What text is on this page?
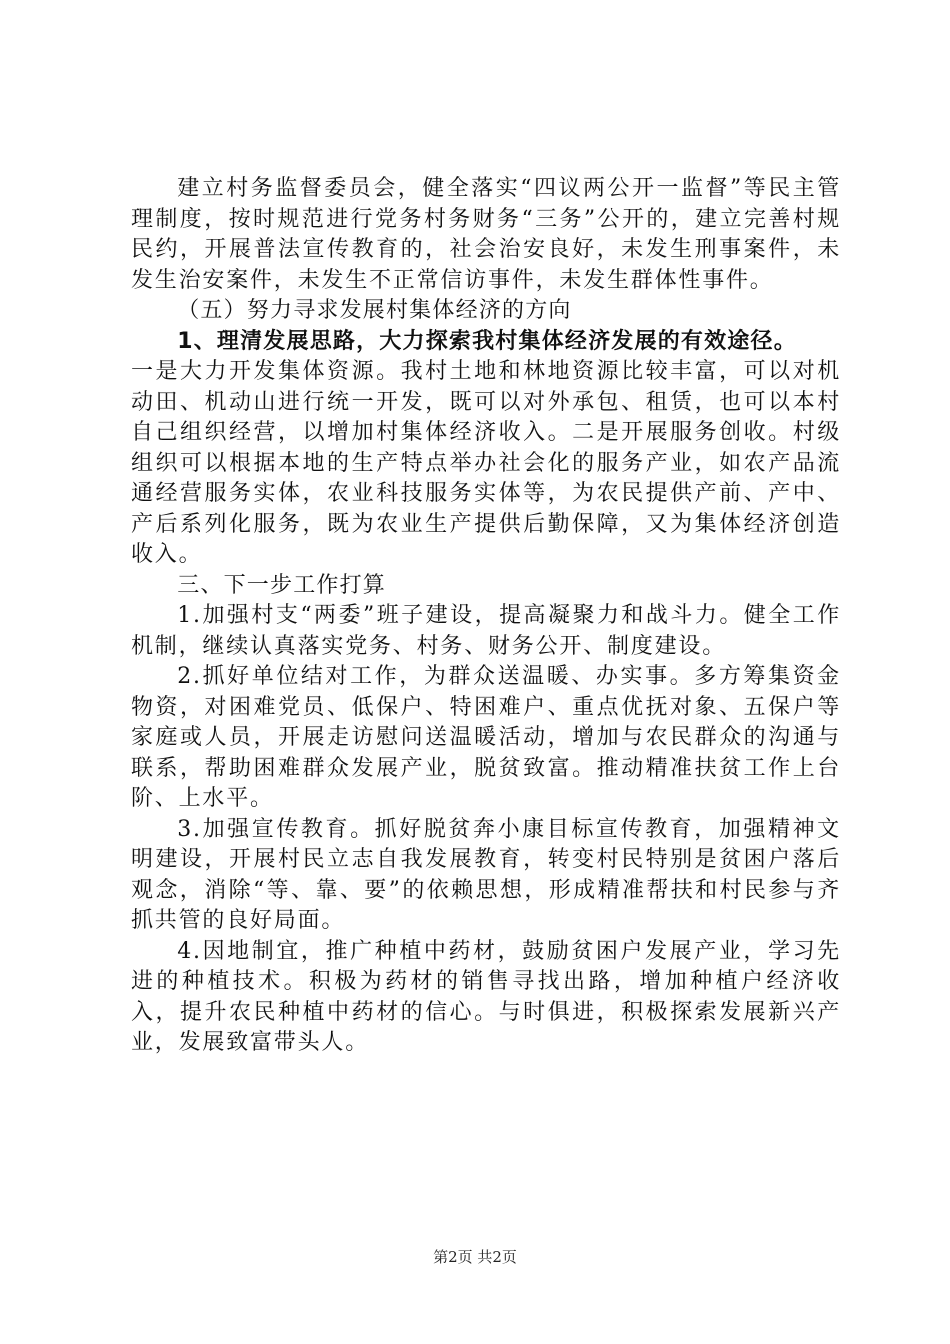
建立村务监督委员会，健全落实“四议两公开一监督”等民主管理制度，按时规范进行党务村务财务“三务”公开的，建立完善村规民约，开展普法宣传教育的，社会治安良好，未发生刑事案件，未发生治安案件，未发生不正常信访事件，未发生群体性事件。

（五）努力寻求发展村集体经济的方向

1、理清发展思路，大力探索我村集体经济发展的有效途径。

一是大力开发集体资源。我村土地和林地资源比较丰富，可以对机动田、机动山进行统一开发，既可以对外承包、租赁，也可以本村自己组织经营，以增加村集体经济收入。二是开展服务创收。村级组织可以根据本地的生产特点举办社会化的服务产业，如农产品流通经营服务实体，农业科技服务实体等，为农民提供产前、产中、产后系列化服务，既为农业生产提供后勤保障，又为集体经济创造收入。

三、下一步工作打算

1.加强村支“两委”班子建设，提高凝聚力和战斗力。健全工作机制，继续认真落实党务、村务、财务公开、制度建设。

2.抓好单位结对工作，为群众送温暖、办实事。多方筹集资金物资，对困难党员、低保户、特困难户、重点优抚对象、五保户等家庭或人员，开展走访慰问送温暖活动，增加与农民群众的沟通与联系，帮助困难群众发展产业，脱贫致富。推动精准扶贫工作上台阶、上水平。

3.加强宣传教育。抓好脱贫奔小康目标宣传教育，加强精神文明建设，开展村民立志自我发展教育，转变村民特别是贫困户落后观念，消除“等、靠、要”的依赖思想，形成精准帮扶和村民参与齐抓共管的良好局面。

4.因地制宜，推广种植中药材，鼓励贫困户发展产业，学习先进的种植技术。积极为药材的销售寻找出路，增加种植户经济收入，提升农民种植中药材的信心。与时俱进，积极探索发展新兴产业，发展致富带头人。

第2页 共2页
